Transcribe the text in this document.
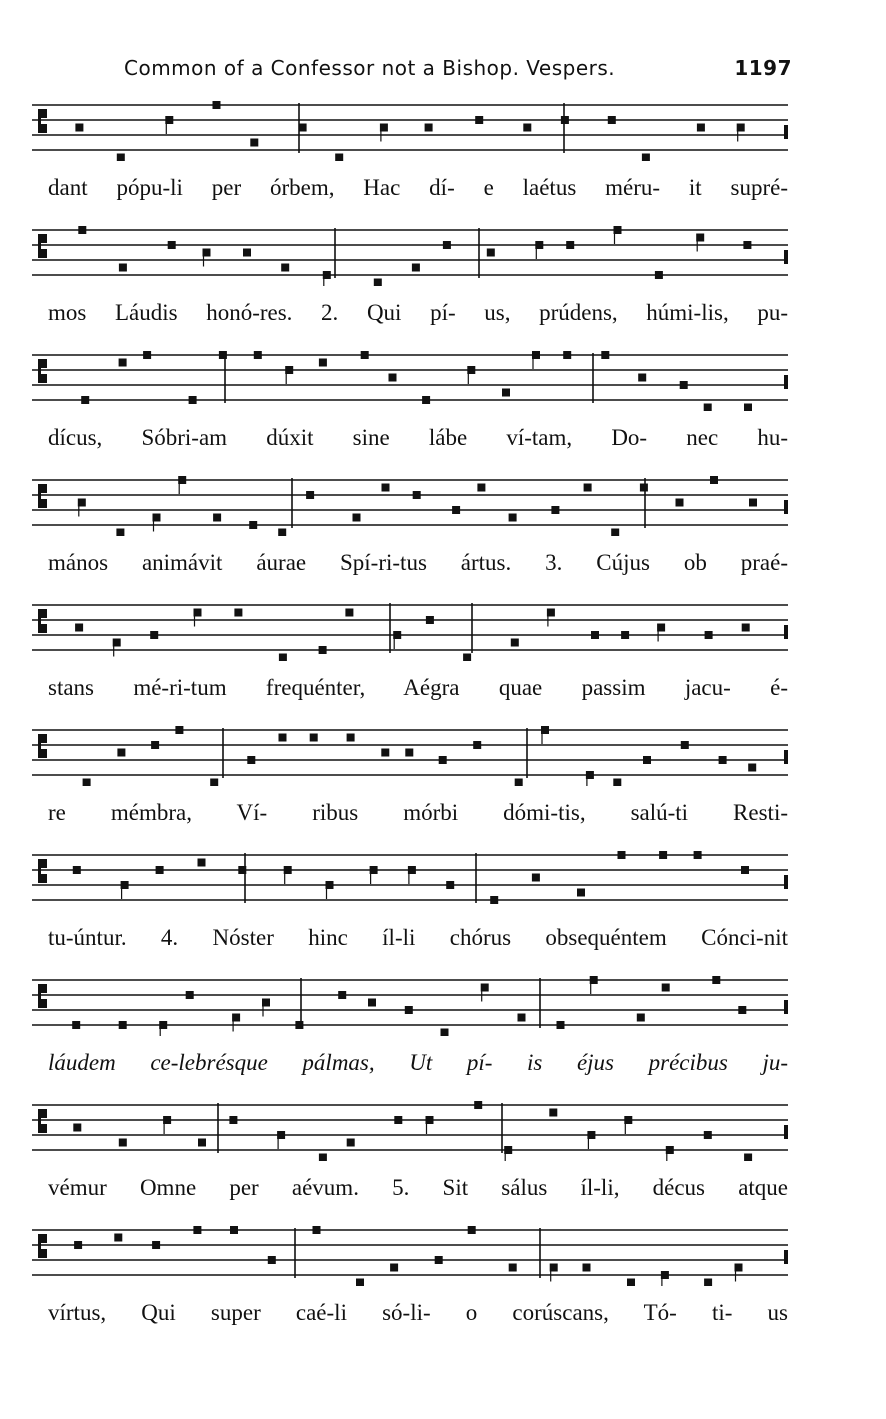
Common of a Confessor not a Bishop. Vespers.	1197
dant pópu-li per órbem, Hac dí- e laétus méru- it supré-
mos Láudis honó-res. 2. Qui pí- us, prúdens, húmi-lis, pu-
dícus, Sóbri-am dúxit sine lábe ví-tam, Do- nec hu-
mános animávit áurae Spí-ri-tus ártus. 3. Cújus ob praé-
stans mé-ri-tum frequénter, Aégra quae passim jacu- é-
re mémbra, Ví- ribus mórbi dómi-tis, salú-ti Resti-
tu-úntur. 4. Nóster hinc íl-li chórus obsequéntem Cónci-nit
láudem ce-lebrésque pálmas, Ut pí- is éjus précibus ju-
vémur Omne per aévum. 5. Sit sálus íl-li, décus atque
vírtus, Qui super caé-li só-li- o corúscans, Tó- ti- us
